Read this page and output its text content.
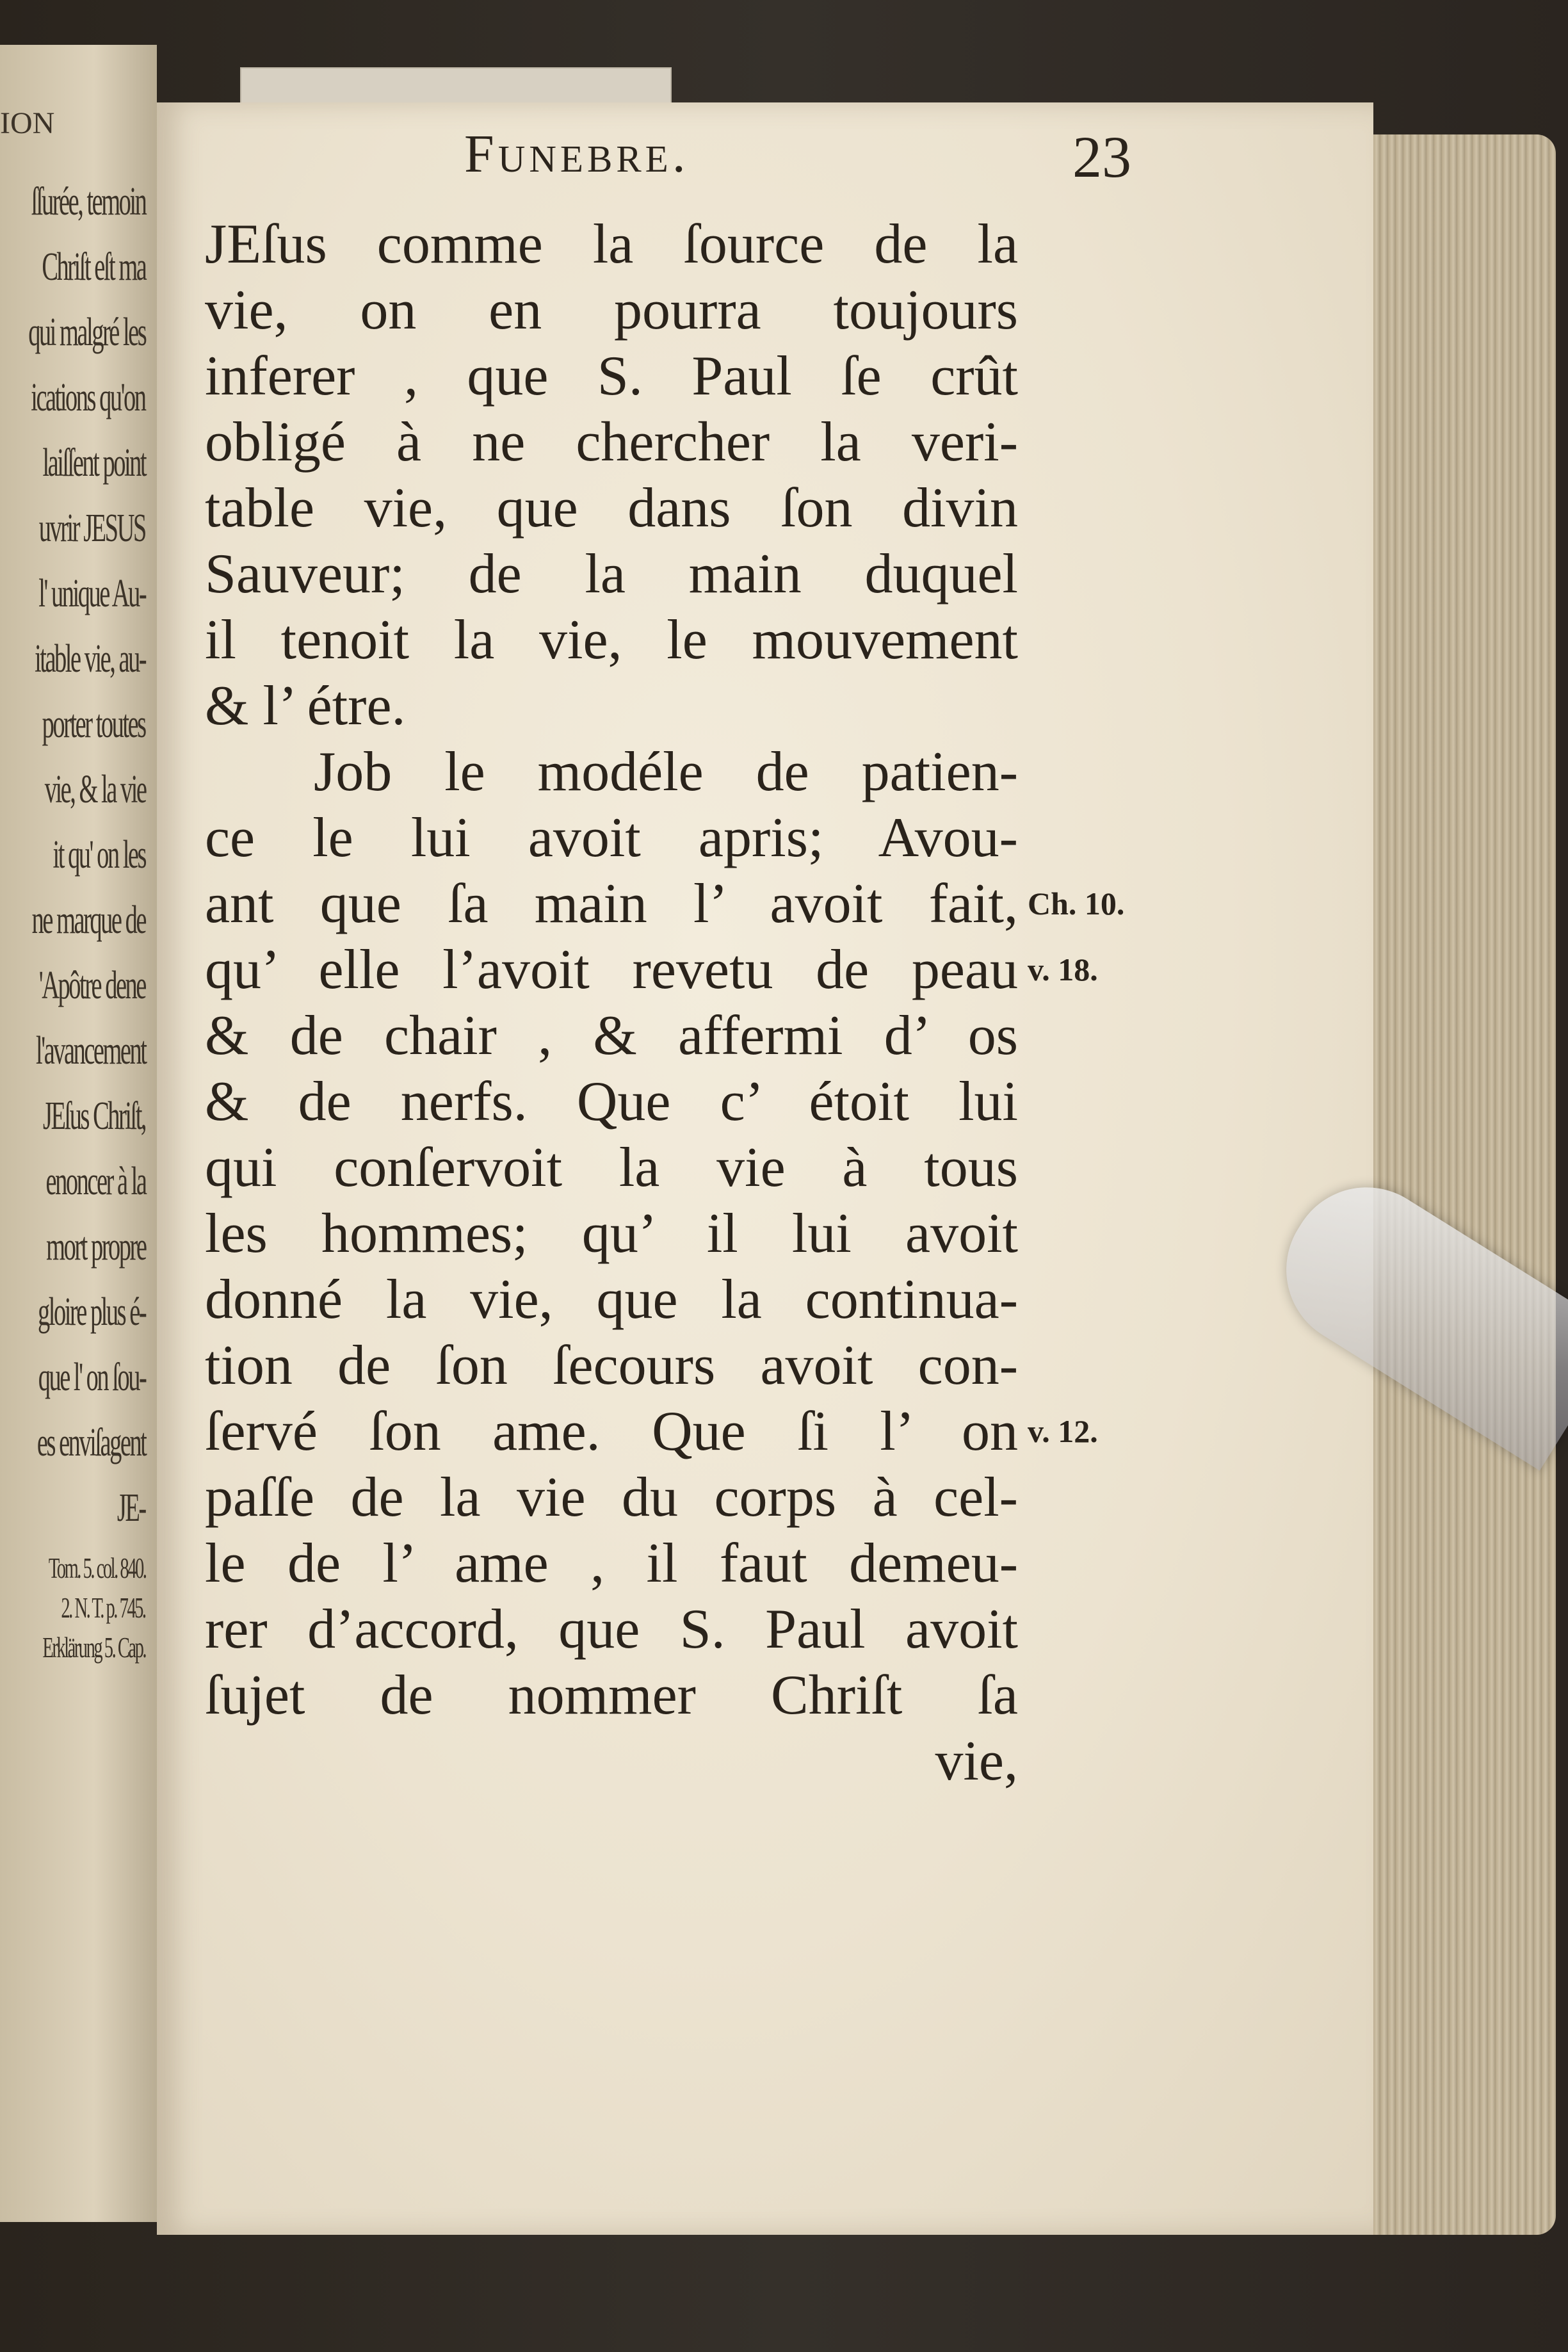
ION
ſſurée, temoin
Chriſt eſt ma
qui malgré les
ications qu'on
laiſſent point
uvrir JESUS
l' unique Au-
itable vie, au-
porter toutes
vie, & la vie
it qu' on les
ne marque de
'Apôtre dene
l'avancement
JEſus Chriſt,
enoncer à la
mort propre
gloire plus é-
que l' on ſou-
es enviſagent
JE-
Tom. 5. col. 840.
2. N. T. p. 745.
Erklärung 5. Cap.
Funebre.	23
JEſus comme la ſource de la
vie, on en pourra toujours
inferer , que S. Paul ſe crût
obligé à ne chercher la veri-
table vie, que dans ſon divin
Sauveur; de la main duquel
il tenoit la vie, le mouvement
& l’ étre.
Job le modéle de patien-
ce le lui avoit apris; Avou-
ant que ſa main l’ avoit fait,
qu’ elle l’avoit revetu de peau
& de chair , & affermi d’ os
& de nerfs. Que c’ étoit lui
qui conſervoit la vie à tous
les hommes; qu’ il lui avoit
donné la vie, que la continua-
tion de ſon ſecours avoit con-
ſervé ſon ame. Que ſi l’ on
paſſe de la vie du corps à cel-
le de l’ ame , il faut demeu-
rer d’accord, que S. Paul avoit
ſujet de nommer Chriſt ſa
vie,
Ch. 10.
v. 18.
v. 12.
